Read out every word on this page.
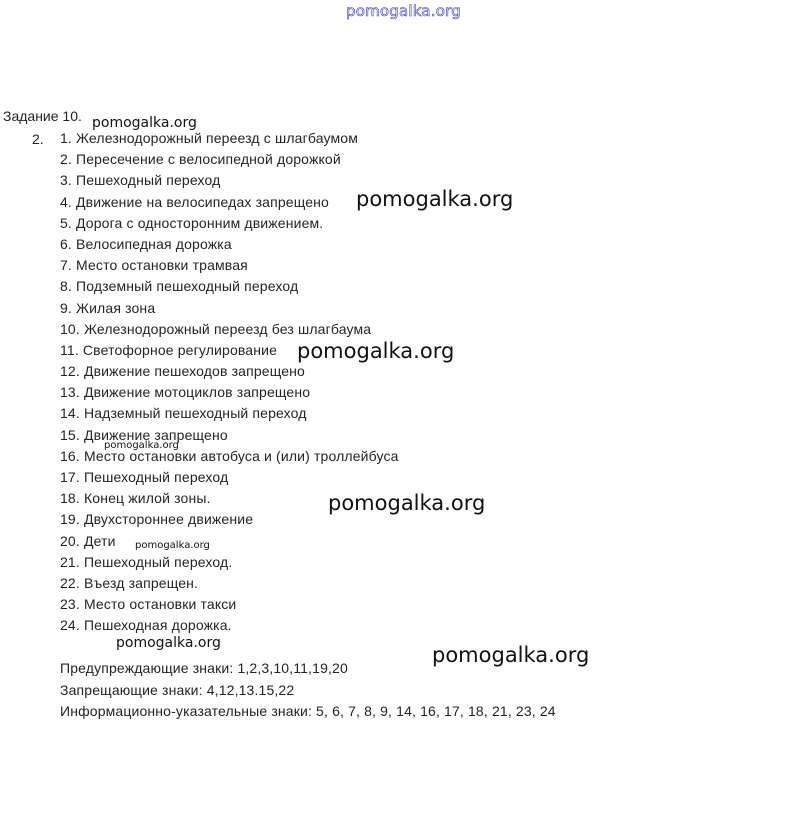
pomogalka.org
Задание 10.
2. 1. Железнодорожный переезд с шлагбаумом
2. Пересечение с велосипедной дорожкой
3. Пешеходный переход
4. Движение на велосипедах запрещено
5. Дорога с односторонним движением.
6. Велосипедная дорожка
7. Место остановки трамвая
8. Подземный пешеходный переход
9. Жилая зона
10. Железнодорожный переезд без шлагбаума
11. Светофорное регулирование
12. Движение пешеходов запрещено
13. Движение мотоциклов запрещено
14. Надземный пешеходный переход
15. Движение запрещено
16. Место остановки автобуса и (или) троллейбуса
17. Пешеходный переход
18. Конец жилой зоны.
19. Двухстороннее движение
20. Дети
21. Пешеходный переход.
22. Въезд запрещен.
23. Место остановки такси
24. Пешеходная дорожка.
Предупреждающие знаки: 1,2,3,10,11,19,20
Запрещающие знаки: 4,12,13.15,22
Информационно-указательные знаки: 5, 6, 7, 8, 9, 14, 16, 17, 18, 21, 23, 24
pomogalka.org
pomogalka.org
pomogalka.org
pomogalka.org
pomogalka.org
pomogalka.org
pomogalka.org	pomogalka.org
